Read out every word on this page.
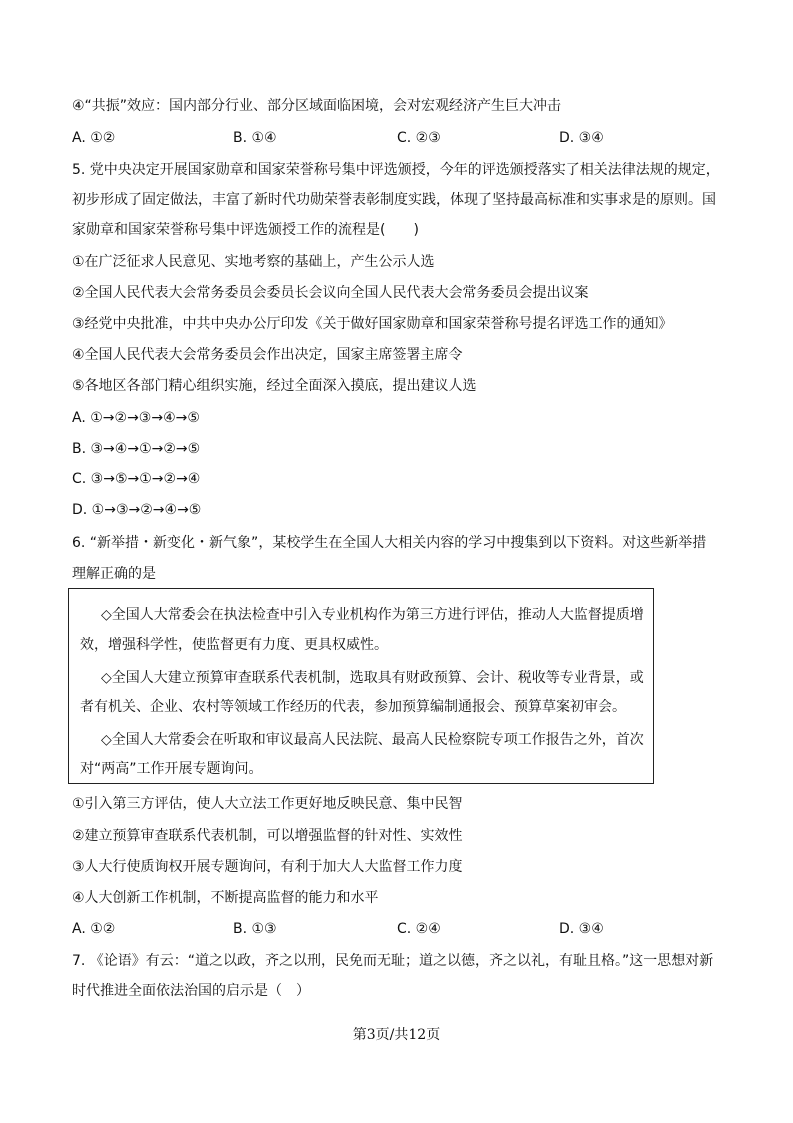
④“共振”效应：国内部分行业、部分区域面临困境，会对宏观经济产生巨大冲击
A. ①②	B. ①④	C. ②③	D. ③④
5. 党中央决定开展国家勋章和国家荣誉称号集中评选颁授，今年的评选颁授落实了相关法律法规的规定，
初步形成了固定做法，丰富了新时代功勋荣誉表彰制度实践，体现了坚持最高标准和实事求是的原则。国
家勋章和国家荣誉称号集中评选颁授工作的流程是(　　)
①在广泛征求人民意见、实地考察的基础上，产生公示人选
②全国人民代表大会常务委员会委员长会议向全国人民代表大会常务委员会提出议案
③经党中央批准，中共中央办公厅印发《关于做好国家勋章和国家荣誉称号提名评选工作的通知》
④全国人民代表大会常务委员会作出决定，国家主席签署主席令
⑤各地区各部门精心组织实施，经过全面深入摸底，提出建议人选
A. ①→②→③→④→⑤
B. ③→④→①→②→⑤
C. ③→⑤→①→②→④
D. ①→③→②→④→⑤
6. “新举措・新变化・新气象”，某校学生在全国人大相关内容的学习中搜集到以下资料。对这些新举措
理解正确的是
◇全国人大常委会在执法检查中引入专业机构作为第三方进行评估，推动人大监督提质增
效，增强科学性，使监督更有力度、更具权威性。
◇全国人大建立预算审查联系代表机制，选取具有财政预算、会计、税收等专业背景，或
者有机关、企业、农村等领域工作经历的代表，参加预算编制通报会、预算草案初审会。
◇全国人大常委会在听取和审议最高人民法院、最高人民检察院专项工作报告之外，首次
对“两高”工作开展专题询问。
①引入第三方评估，使人大立法工作更好地反映民意、集中民智
②建立预算审查联系代表机制，可以增强监督的针对性、实效性
③人大行使质询权开展专题询问，有利于加大人大监督工作力度
④人大创新工作机制，不断提高监督的能力和水平
A. ①②	B. ①③	C. ②④	D. ③④
7. 《论语》有云：“道之以政，齐之以刑，民免而无耻；道之以德，齐之以礼，有耻且格。”这一思想对新
时代推进全面依法治国的启示是（　）
第3页/共12页
